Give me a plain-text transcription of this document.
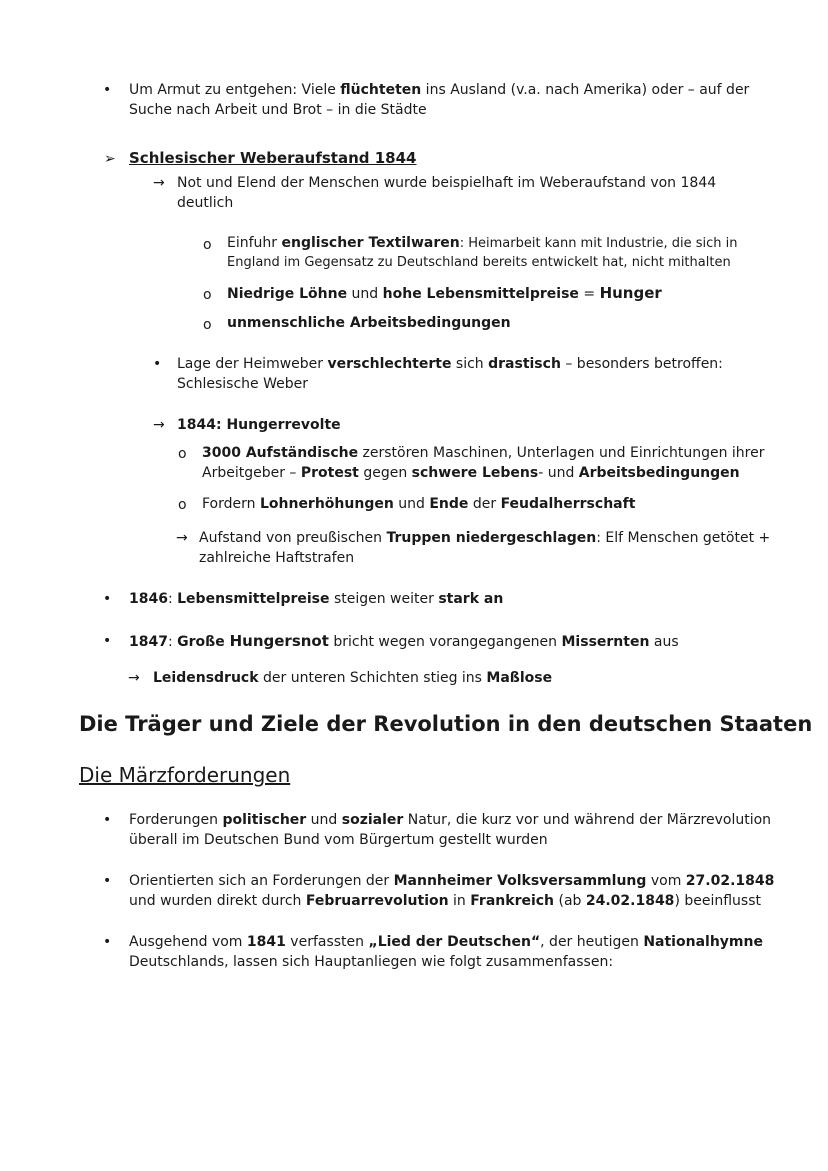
• Um Armut zu entgehen: Viele flüchteten ins Ausland (v.a. nach Amerika) oder – auf der
Suche nach Arbeit und Brot – in die Städte
➢ Schlesischer Weberaufstand 1844
→ Not und Elend der Menschen wurde beispielhaft im Weberaufstand von 1844
deutlich
o Einfuhr englischer Textilwaren: Heimarbeit kann mit Industrie, die sich in
England im Gegensatz zu Deutschland bereits entwickelt hat, nicht mithalten
o Niedrige Löhne und hohe Lebensmittelpreise = Hunger
o unmenschliche Arbeitsbedingungen
• Lage der Heimweber verschlechterte sich drastisch – besonders betroffen:
Schlesische Weber
→ 1844: Hungerrevolte
o 3000 Aufständische zerstören Maschinen, Unterlagen und Einrichtungen ihrer
Arbeitgeber – Protest gegen schwere Lebens- und Arbeitsbedingungen
o Fordern Lohnerhöhungen und Ende der Feudalherrschaft
→ Aufstand von preußischen Truppen niedergeschlagen: Elf Menschen getötet +
zahlreiche Haftstrafen
• 1846: Lebensmittelpreise steigen weiter stark an
• 1847: Große Hungersnot bricht wegen vorangegangenen Missernten aus
→ Leidensdruck der unteren Schichten stieg ins Maßlose
Die Träger und Ziele der Revolution in den deutschen Staaten
Die Märzforderungen
• Forderungen politischer und sozialer Natur, die kurz vor und während der Märzrevolution
überall im Deutschen Bund vom Bürgertum gestellt wurden
• Orientierten sich an Forderungen der Mannheimer Volksversammlung vom 27.02.1848
und wurden direkt durch Februarrevolution in Frankreich (ab 24.02.1848) beeinflusst
• Ausgehend vom 1841 verfassten „Lied der Deutschen“, der heutigen Nationalhymne
Deutschlands, lassen sich Hauptanliegen wie folgt zusammenfassen:
